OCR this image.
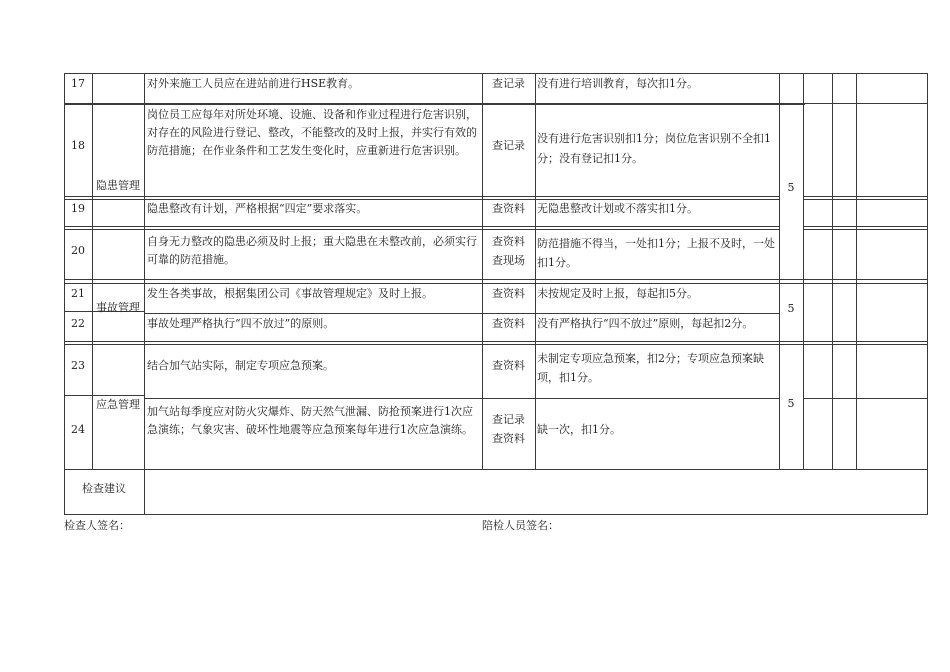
17
18
19
20
21
22
23
24
隐患管理
事故管理
应急管理
对外来施工人员应在进站前进行HSE教育。
岗位员工应每年对所处环境、设施、设备和作业过程进行危害识别，对存在的风险进行登记、整改，不能整改的及时上报，并实行有效的防范措施；在作业条件和工艺发生变化时，应重新进行危害识别。
隐患整改有计划，严格根据“四定”要求落实。
自身无力整改的隐患必须及时上报；重大隐患在未整改前，必须实行可靠的防范措施。
发生各类事故，根据集团公司《事故管理规定》及时上报。
事故处理严格执行“四不放过”的原则。
结合加气站实际，制定专项应急预案。
加气站每季度应对防火灾爆炸、防天然气泄漏、防抢预案进行1次应急演练；气象灾害、破坏性地震等应急预案每年进行1次应急演练。
查记录
查记录
查资料
查资料
查现场
查资料
查资料
查资料
查记录
查资料
没有进行培训教育，每次扣1分。
没有进行危害识别扣1分；岗位危害识别不全扣1分；没有登记扣1分。
无隐患整改计划或不落实扣1分。
防范措施不得当，一处扣1分；上报不及时，一处扣1分。
未按规定及时上报，每起扣5分。
没有严格执行“四不放过”原则，每起扣2分。
未制定专项应急预案，扣2分；专项应急预案缺项，扣1分。
缺一次，扣1分。
5
5
5
检查建议
检查人签名：	陪检人员签名：
